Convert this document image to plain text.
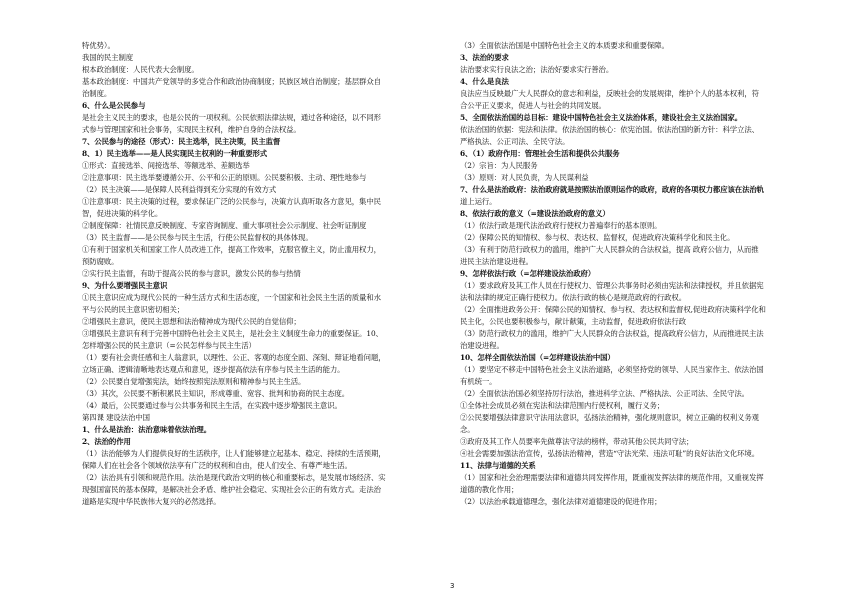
特优势）。
我国的民主制度
根本政治制度：人民代表大会制度。
基本政治制度：中国共产党领导的多党合作和政治协商制度；民族区域自治制度；基层群众自
治制度。
6、什么是公民参与
是社会主义民主的要求，也是公民的一项权利。公民依照法律法规，通过各种途径，以不同形
式参与管理国家和社会事务，实现民主权利，维护自身的合法权益。
7、公民参与的途径（形式）：民主选举，民主决策，民主监督
8、1）民主选举——是人民实现民主权利的一种重要形式
①形式：直接选举、间接选举、等额选举、差额选举
②注意事项：民主选举要遵循公开、公平和公正的原则。公民要积极、主动、理性地参与
（2）民主决策——是保障人民利益得到充分实现的有效方式
①注意事项：民主决策的过程，要求保证广泛的公民参与，决策方认真听取各方意见，集中民
智，促进决策的科学化。
②制度保障：社情民意反映制度、专家咨询制度、重大事项社会公示制度、社会听证制度
（3）民主监督——是公民参与民主生活，行使公民监督权的具体体现。
①有利于国家机关和国家工作人员改进工作，提高工作效率，克服官僚主义，防止滥用权力，
预防腐败。
②实行民主监督，有助于提高公民的参与意识，激发公民的参与热情
9、为什么要增强民主意识
①民主意识应成为现代公民的一种生活方式和生活态度，一个国家和社会民主生活的质量和水
平与公民的民主意识密切相关；
②增强民主意识，使民主思想和法治精神成为现代公民的自觉信仰；
③增强民主意识有利于完善中国特色社会主义民主，是社会主义制度生命力的重要保证。10、
怎样增强公民的民主意识（=公民怎样参与民主生活）
（1）要有社会责任感和主人翁意识，以理性、公正、客观的态度全面、深刻、辩证地看问题，
立场正确、逻辑清晰地表达观点和意见，逐步提高依法有序参与民主生活的能力。
（2）公民要自觉增强宪法，始终按照宪法原则和精神参与民主生活。
（3）其次，公民要不断积累民主知识，形成尊重、宽容、批判和协商的民主态度。
（4）最后，公民要通过参与公共事务和民主生活，在实践中逐步增强民主意识。
第四课 建设法治中国
1、什么是法治：法治意味着依法治理。
2、法治的作用
（1）法治能够为人们提供良好的生活秩序，让人们能够建立起基本、稳定、持续的生活预期，
保障人们在社会各个领域依法享有广泛的权利和自由，使人们安全、有尊严地生活。
（2）法治具有引领和规范作用。法治是现代政治文明的核心和重要标志，是发展市场经济、实
现强国富民的基本保障，是解决社会矛盾、维护社会稳定、实现社会公正的有效方式。走法治
道路是实现中华民族伟大复兴的必然选择。
（3）全面依法治国是中国特色社会主义的本质要求和重要保障。
3、法治的要求
法治要求实行良法之治；法治好要求实行善治。
4、什么是良法
良法应当反映最广大人民群众的意志和利益，反映社会的发展规律，维护个人的基本权利，符
合公平正义要求，促进人与社会的共同发展。
5、全面依法治国的总目标：建设中国特色社会主义法治体系，建设社会主义法治国家。
依法治国的依据：宪法和法律。依法治国的核心：依宪治国。依法治国的新方针：科学立法、
严格执法、公正司法、全民守法。
6、（1）政府作用：管理社会生活和提供公共服务
（2）宗旨：为人民服务
（3）原则：对人民负责，为人民谋利益
7、什么是法治政府：法治政府就是按照法治原则运作的政府，政府的各项权力都应该在法治轨
道上运行。
8、依法行政的意义（=建设法治政府的意义）
（1）依法行政是现代法治政府行使权力普遍奉行的基本原则。
（2）保障公民的知情权、参与权、表达权、监督权，促进政府决策科学化和民主化。
（3）有利于防范行政权力的滥用，维护广大人民群众的合法权益，提高 政府公信力，从而推
进民主法治建设进程。
9、怎样依法行政（=怎样建设法治政府）
（1）要求政府及其工作人员在行使权力、管理公共事务时必须由宪法和法律授权，并且依据宪
法和法律的规定正确行使权力。依法行政的核心是规范政府的行政权。
（2）全面推进政务公开：保障公民的知情权、参与权、表达权和监督权,促进政府决策科学化和
民主化，公民也要积极参与，献计献策，主动监督，促进政府依法行政
（3）防范行政权力的滥用，维护广大人民群众的合法权益，提高政府公信力，从而推进民主法
治建设进程。
10、怎样全面依法治国（=怎样建设法治中国）
（1）要坚定不移走中国特色社会主义法治道路，必须坚持党的领导、人民当家作主、依法治国
有机统一。
（2）全面依法治国必须坚持厉行法治，推进科学立法、严格执法、公正司法、全民守法。
①全体社会成员必须在宪法和法律范围内行使权利，履行义务；
②公民要增强法律意识守法用法意识，弘扬法治精神，强化规则意识，树立正确的权利义务观
念。
③政府及其工作人员要率先做尊法守法的榜样，带动其他公民共同守法；
④社会需要加强法治宣传，弘扬法治精神，营造“守法光荣、违法可耻”的良好法治文化环境。
11、法律与道德的关系
（1）国家和社会治理需要法律和道德共同发挥作用，既重视发挥法律的规范作用，又重视发挥
道德的教化作用；
（2）以法治承载道德理念，强化法律对道德建设的促进作用；
3
